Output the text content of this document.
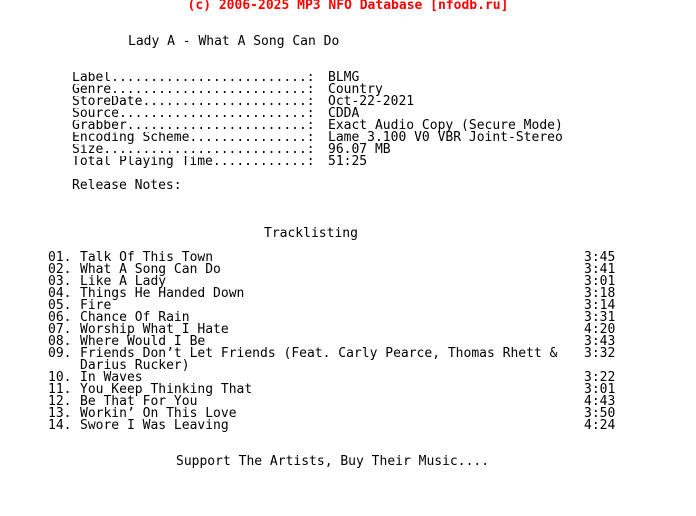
(c) 2006-2025 MP3 NFO Database [nfodb.ru]
Lady A - What A Song Can Do
Label.........................:	BLMG
Genre.........................:	Country
StoreDate.....................:	Oct-22-2021
Source........................:	CDDA
Grabber.......................:	Exact Audio Copy (Secure Mode)
Encoding Scheme...............:	Lame 3.100 V0 VBR Joint-Stereo
Size..........................:	96.07 MB
Total Playing Time............:	51:25
Release Notes:
Tracklisting
01. Talk Of This Town	3:45
02. What A Song Can Do	3:41
03. Like A Lady	3:01
04. Things He Handed Down	3:18
05. Fire	3:14
06. Chance Of Rain	3:31
07. Worship What I Hate	4:20
08. Where Would I Be	3:43
09. Friends Don’t Let Friends (Feat. Carly Pearce, Thomas Rhett & Darius Rucker)
3:32
10. In Waves	3:22
11. You Keep Thinking That	3:01
12. Be That For You	4:43
13. Workin’ On This Love	3:50
14. Swore I Was Leaving	4:24
Support The Artists, Buy Their Music....
